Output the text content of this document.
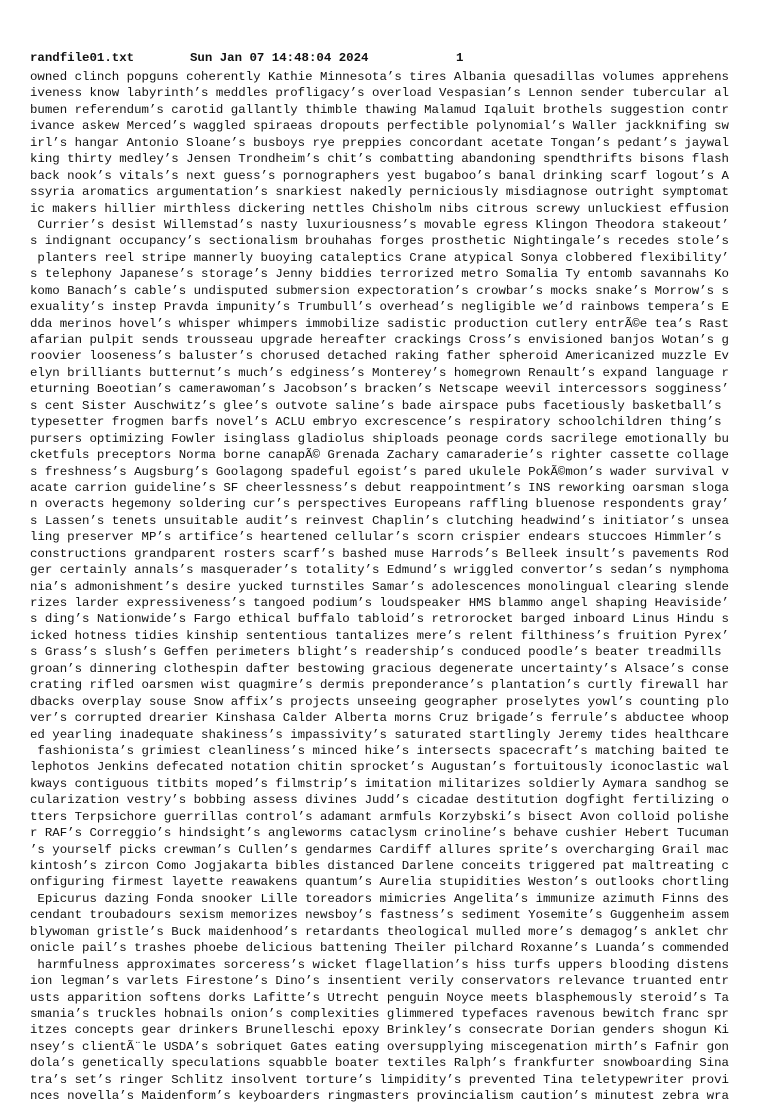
randfile01.txt	Sun Jan 07 14:48:04 2024	1
owned clinch popguns coherently Kathie Minnesota’s tires Albania quesadillas volumes apprehens
iveness know labyrinth’s meddles profligacy’s overload Vespasian’s Lennon sender tubercular al
bumen referendum’s carotid gallantly thimble thawing Malamud Iqaluit brothels suggestion contr
ivance askew Merced’s waggled spiraeas dropouts perfectible polynomial’s Waller jackknifing sw
irl’s hangar Antonio Sloane’s busboys rye preppies concordant acetate Tongan’s pedant’s jaywal
king thirty medley’s Jensen Trondheim’s chit’s combatting abandoning spendthrifts bisons flash
back nook’s vitals’s next guess’s pornographers yest bugaboo’s banal drinking scarf logout’s A
ssyria aromatics argumentation’s snarkiest nakedly perniciously misdiagnose outright symptomat
ic makers hillier mirthless dickering nettles Chisholm nibs citrous screwy unluckiest effusion
Currier’s desist Willemstad’s nasty luxuriousness’s movable egress Klingon Theodora stakeout’
s indignant occupancy’s sectionalism brouhahas forges prosthetic Nightingale’s recedes stole’s
planters reel stripe mannerly buoying cataleptics Crane atypical Sonya clobbered flexibility’
s telephony Japanese’s storage’s Jenny biddies terrorized metro Somalia Ty entomb savannahs Ko
komo Banach’s cable’s undisputed submersion expectoration’s crowbar’s mocks snake’s Morrow’s s
exuality’s instep Pravda impunity’s Trumbull’s overhead’s negligible we’d rainbows tempera’s E
dda merinos hovel’s whisper whimpers immobilize sadistic production cutlery entrÃ©e tea’s Rast
afarian pulpit sends trousseau upgrade hereafter crackings Cross’s envisioned banjos Wotan’s g
roovier looseness’s baluster’s chorused detached raking father spheroid Americanized muzzle Ev
elyn brilliants butternut’s much’s edginess’s Monterey’s homegrown Renault’s expand language r
eturning Boeotian’s camerawoman’s Jacobson’s bracken’s Netscape weevil intercessors sogginess’
s cent Sister Auschwitz’s glee’s outvote saline’s bade airspace pubs facetiously basketball’s
typesetter frogmen barfs novel’s ACLU embryo excrescence’s respiratory schoolchildren thing’s
pursers optimizing Fowler isinglass gladiolus shiploads peonage cords sacrilege emotionally bu
cketfuls preceptors Norma borne canapÃ© Grenada Zachary camaraderie’s righter cassette collage
s freshness’s Augsburg’s Goolagong spadeful egoist’s pared ukulele PokÃ©mon’s wader survival v
acate carrion guideline’s SF cheerlessness’s debut reappointment’s INS reworking oarsman sloga
n overacts hegemony soldering cur’s perspectives Europeans raffling bluenose respondents gray’
s Lassen’s tenets unsuitable audit’s reinvest Chaplin’s clutching headwind’s initiator’s unsea
ling preserver MP’s artifice’s heartened cellular’s scorn crispier endears stuccoes Himmler’s
constructions grandparent rosters scarf’s bashed muse Harrods’s Belleek insult’s pavements Rod
ger certainly annals’s masquerader’s totality’s Edmund’s wriggled convertor’s sedan’s nymphoma
nia’s admonishment’s desire yucked turnstiles Samar’s adolescences monolingual clearing slende
rizes larder expressiveness’s tangoed podium’s loudspeaker HMS blammo angel shaping Heaviside’
s ding’s Nationwide’s Fargo ethical buffalo tabloid’s retrorocket barged inboard Linus Hindu s
icked hotness tidies kinship sententious tantalizes mere’s relent filthiness’s fruition Pyrex’
s Grass’s slush’s Geffen perimeters blight’s readership’s conduced poodle’s beater treadmills
groan’s dinnering clothespin dafter bestowing gracious degenerate uncertainty’s Alsace’s conse
crating rifled oarsmen wist quagmire’s dermis preponderance’s plantation’s curtly firewall har
dbacks overplay souse Snow affix’s projects unseeing geographer proselytes yowl’s counting plo
ver’s corrupted drearier Kinshasa Calder Alberta morns Cruz brigade’s ferrule’s abductee whoop
ed yearling inadequate shakiness’s impassivity’s saturated startlingly Jeremy tides healthcare
fashionista’s grimiest cleanliness’s minced hike’s intersects spacecraft’s matching baited te
lephotos Jenkins defecated notation chitin sprocket’s Augustan’s fortuitously iconoclastic wal
kways contiguous titbits moped’s filmstrip’s imitation militarizes soldierly Aymara sandhog se
cularization vestry’s bobbing assess divines Judd’s cicadae destitution dogfight fertilizing o
tters Terpsichore guerrillas control’s adamant armfuls Korzybski’s bisect Avon colloid polishe
r RAF’s Correggio’s hindsight’s angleworms cataclysm crinoline’s behave cushier Hebert Tucuman
’s yourself picks crewman’s Cullen’s gendarmes Cardiff allures sprite’s overcharging Grail mac
kintosh’s zircon Como Jogjakarta bibles distanced Darlene conceits triggered pat maltreating c
onfiguring firmest layette reawakens quantum’s Aurelia stupidities Weston’s outlooks chortling
Epicurus dazing Fonda snooker Lille toreadors mimicries Angelita’s immunize azimuth Finns des
cendant troubadours sexism memorizes newsboy’s fastness’s sediment Yosemite’s Guggenheim assem
blywoman gristle’s Buck maidenhood’s retardants theological mulled more’s demagog’s anklet chr
onicle pail’s trashes phoebe delicious battening Theiler pilchard Roxanne’s Luanda’s commended
harmfulness approximates sorceress’s wicket flagellation’s hiss turfs uppers blooding distens
ion legman’s varlets Firestone’s Dino’s insentient verily conservators relevance truanted entr
usts apparition softens dorks Lafitte’s Utrecht penguin Noyce meets blasphemously steroid’s Ta
smania’s truckles hobnails onion’s complexities glimmered typefaces ravenous bewitch franc spr
itzes concepts gear drinkers Brunelleschi epoxy Brinkley’s consecrate Dorian genders shogun Ki
nsey’s clientÃ¨le USDA’s sobriquet Gates eating oversupplying miscegenation mirth’s Fafnir gon
dola’s genetically speculations squabble boater textiles Ralph’s frankfurter snowboarding Sina
tra’s set’s ringer Schlitz insolvent torture’s limpidity’s prevented Tina teletypewriter provi
nces novella’s Maidenform’s keyboarders ringmasters provincialism caution’s minutest zebra wra
